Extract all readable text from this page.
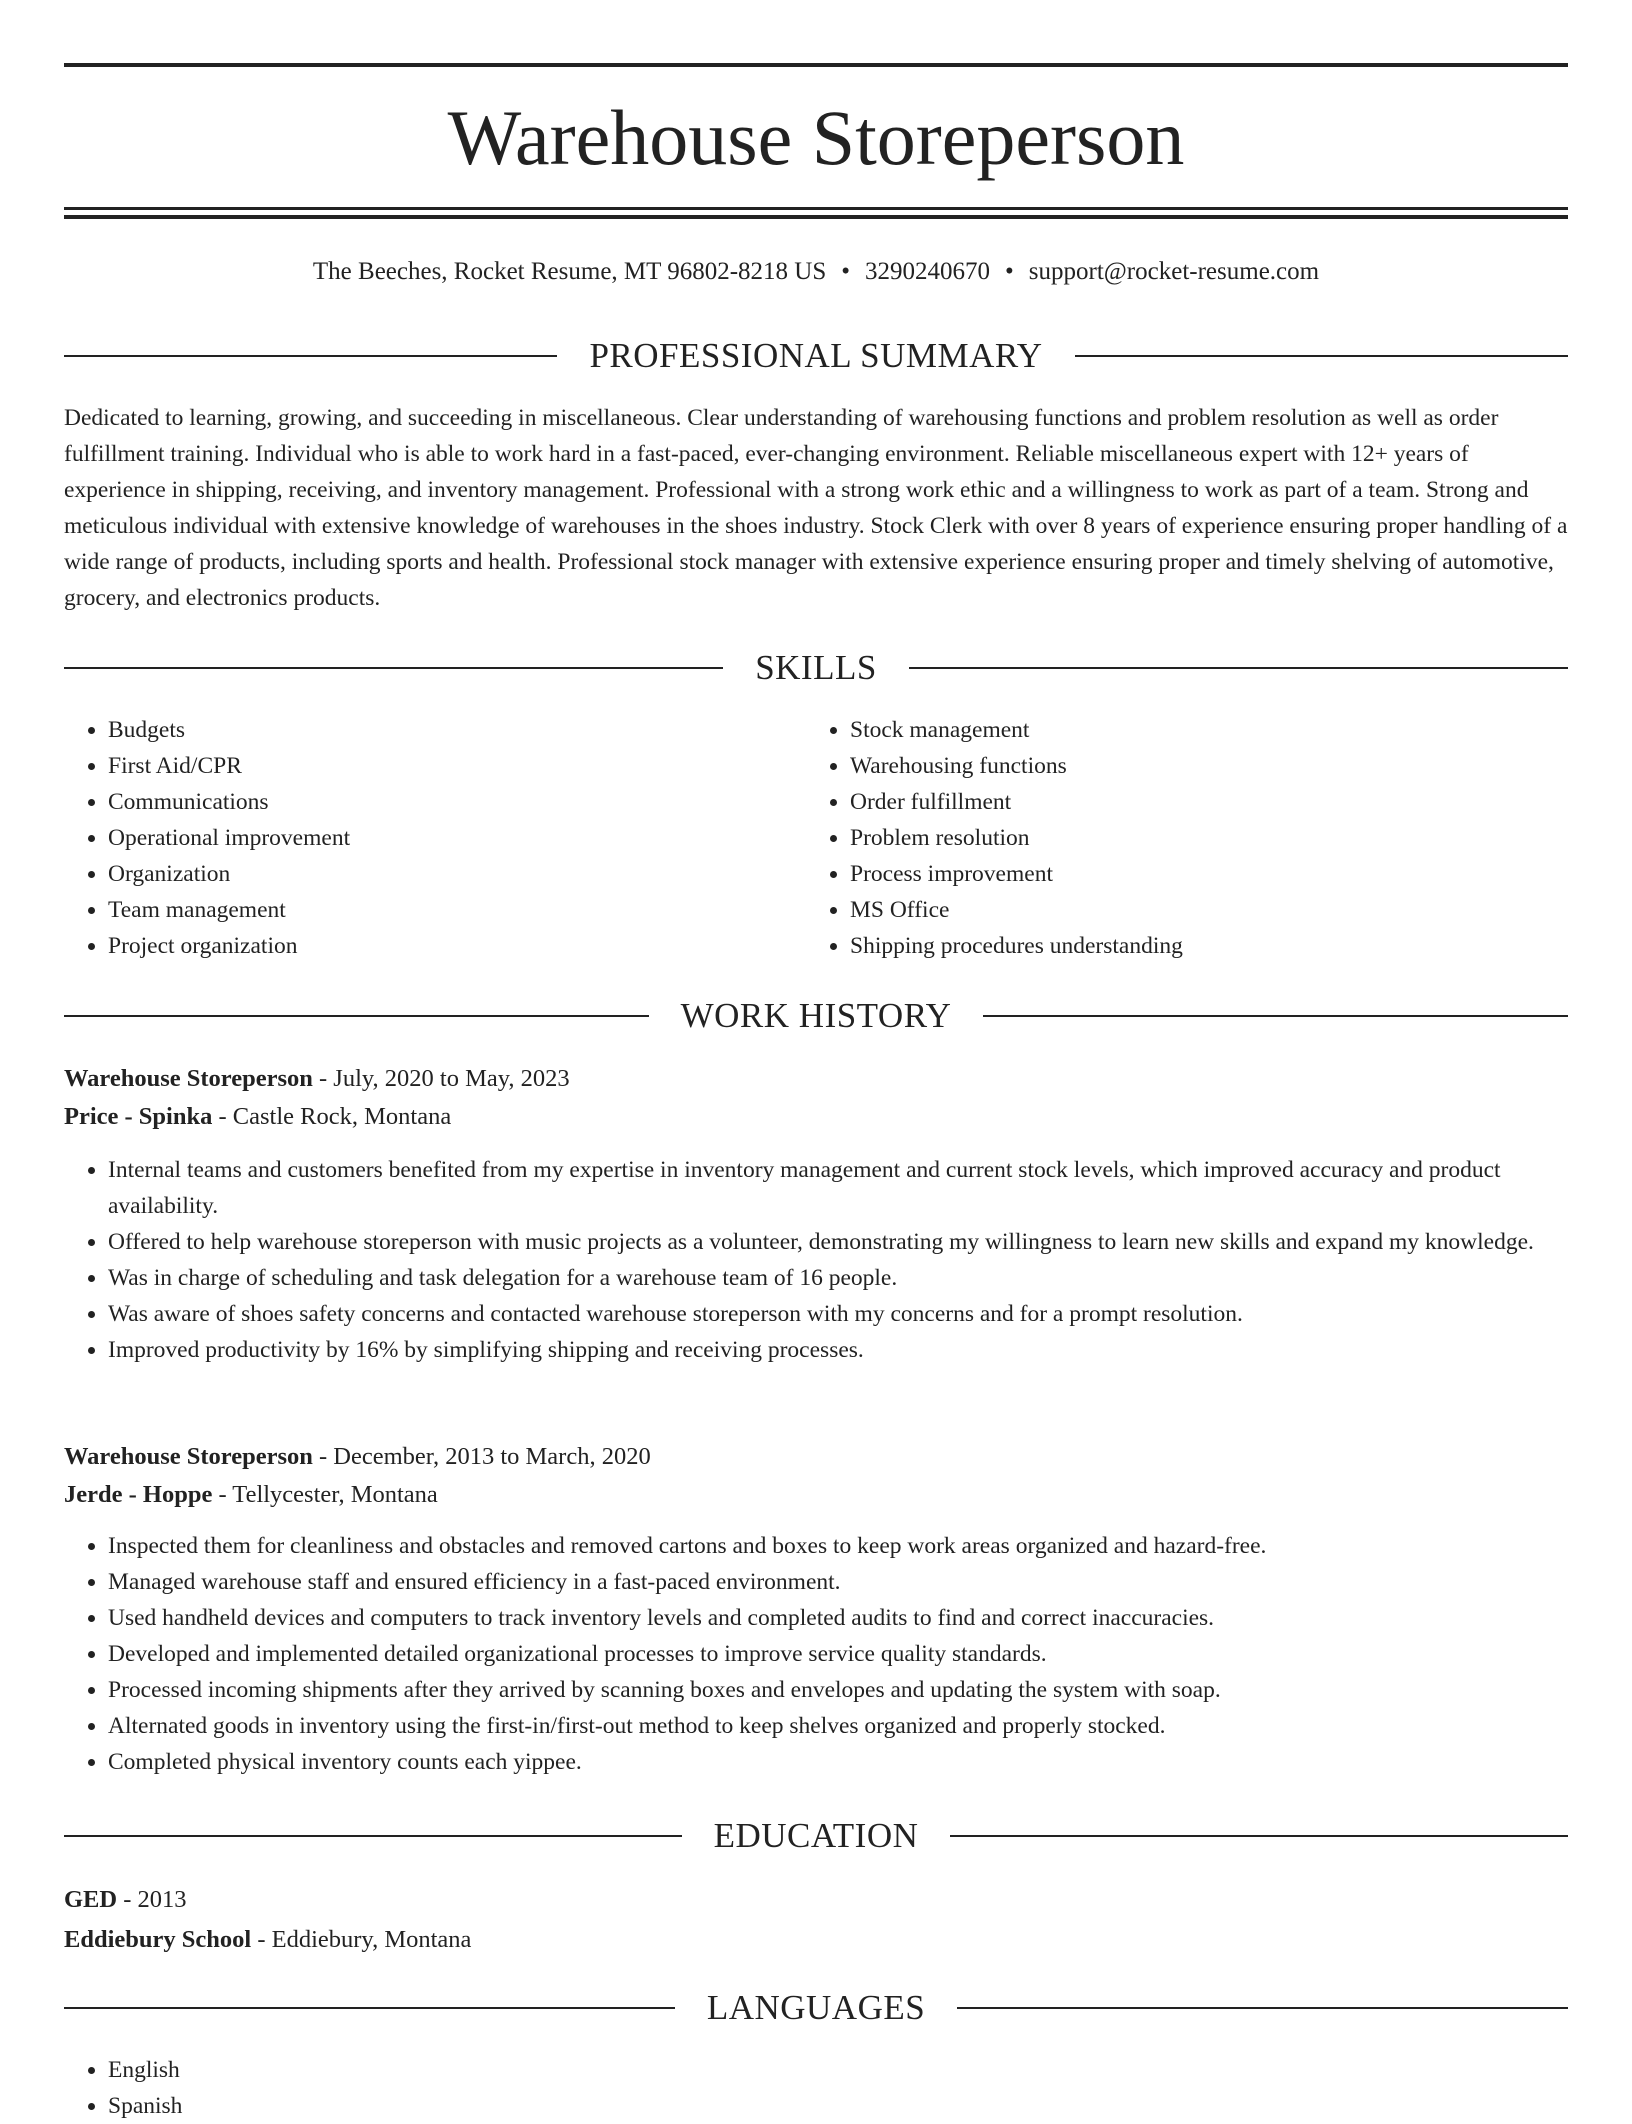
Warehouse Storeperson
The Beeches, Rocket Resume, MT 96802-8218 US • 3290240670 • support@rocket-resume.com
PROFESSIONAL SUMMARY
Dedicated to learning, growing, and succeeding in miscellaneous. Clear understanding of warehousing functions and problem resolution as well as order fulfillment training. Individual who is able to work hard in a fast-paced, ever-changing environment. Reliable miscellaneous expert with 12+ years of experience in shipping, receiving, and inventory management. Professional with a strong work ethic and a willingness to work as part of a team. Strong and meticulous individual with extensive knowledge of warehouses in the shoes industry. Stock Clerk with over 8 years of experience ensuring proper handling of a wide range of products, including sports and health. Professional stock manager with extensive experience ensuring proper and timely shelving of automotive, grocery, and electronics products.
SKILLS
• Budgets
• First Aid/CPR
• Communications
• Operational improvement
• Organization
• Team management
• Project organization
• Stock management
• Warehousing functions
• Order fulfillment
• Problem resolution
• Process improvement
• MS Office
• Shipping procedures understanding
WORK HISTORY
Warehouse Storeperson - July, 2020 to May, 2023
Price - Spinka - Castle Rock, Montana
• Internal teams and customers benefited from my expertise in inventory management and current stock levels, which improved accuracy and product availability.
• Offered to help warehouse storeperson with music projects as a volunteer, demonstrating my willingness to learn new skills and expand my knowledge.
• Was in charge of scheduling and task delegation for a warehouse team of 16 people.
• Was aware of shoes safety concerns and contacted warehouse storeperson with my concerns and for a prompt resolution.
• Improved productivity by 16% by simplifying shipping and receiving processes.
Warehouse Storeperson - December, 2013 to March, 2020
Jerde - Hoppe - Tellycester, Montana
• Inspected them for cleanliness and obstacles and removed cartons and boxes to keep work areas organized and hazard-free.
• Managed warehouse staff and ensured efficiency in a fast-paced environment.
• Used handheld devices and computers to track inventory levels and completed audits to find and correct inaccuracies.
• Developed and implemented detailed organizational processes to improve service quality standards.
• Processed incoming shipments after they arrived by scanning boxes and envelopes and updating the system with soap.
• Alternated goods in inventory using the first-in/first-out method to keep shelves organized and properly stocked.
• Completed physical inventory counts each yippee.
EDUCATION
GED - 2013
Eddiebury School - Eddiebury, Montana
LANGUAGES
• English
• Spanish
